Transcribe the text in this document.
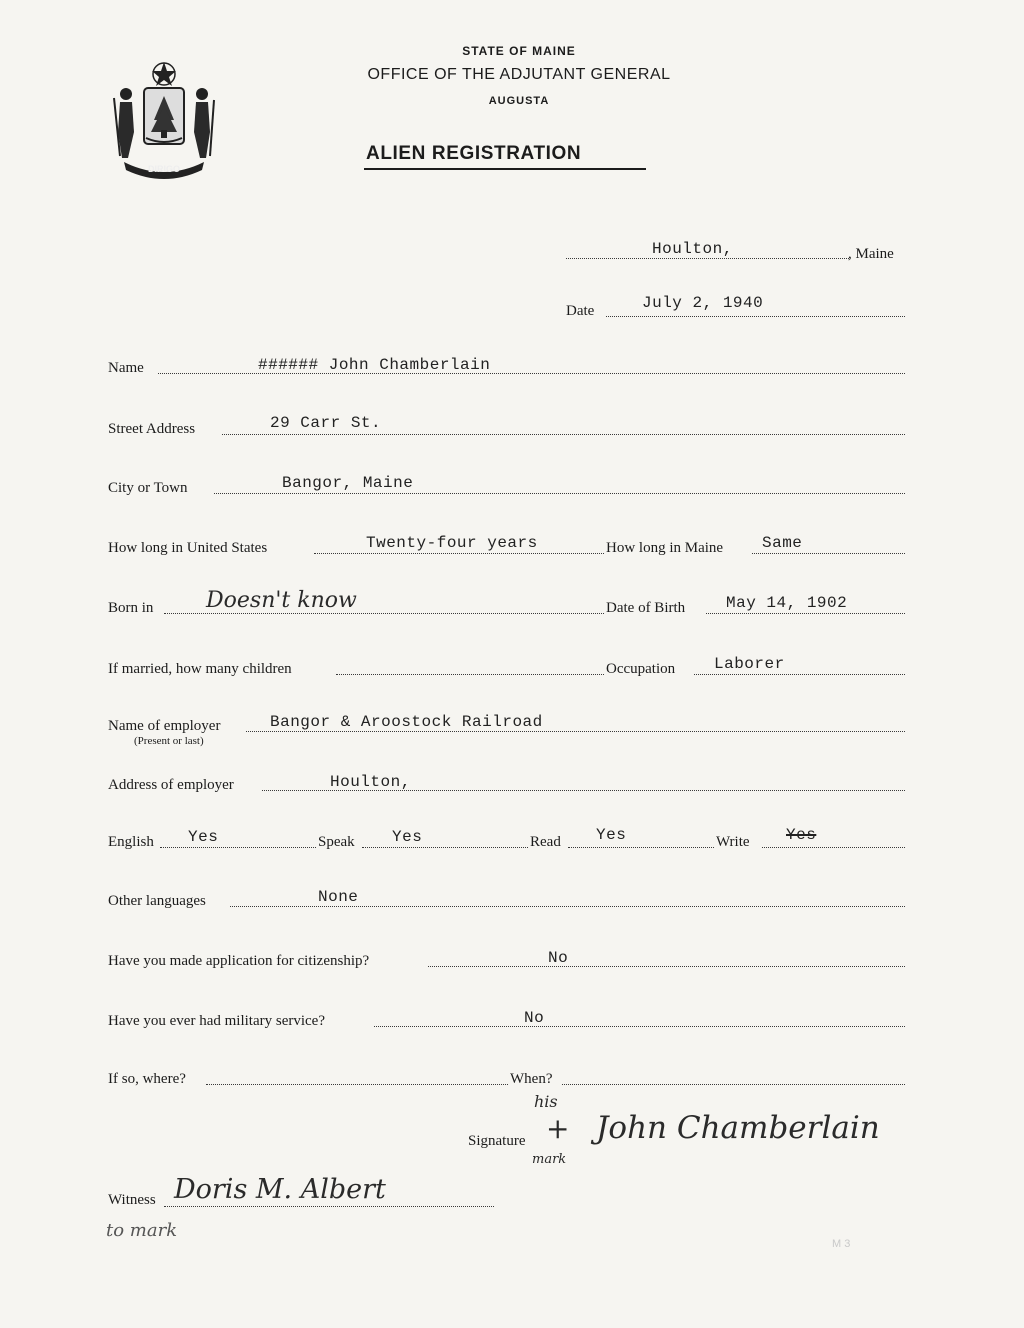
DIRIGO
STATE OF MAINE
OFFICE OF THE ADJUTANT GENERAL
AUGUSTA
ALIEN REGISTRATION
Houlton,	, Maine
Date	July 2, 1940
Name	###### John Chamberlain
Street Address	29 Carr St.
City or Town	Bangor, Maine
How long in United States	Twenty-four years	How long in Maine Same
Born in Doesn't know	Date of Birth	May 14, 1902
If married, how many children	Occupation Laborer
Name of employer
(Present or last)
Bangor & Aroostock Railroad
Address of employer	Houlton,
English Yes	Speak Yes	Read Yes	Write Yes
Other languages	None
Have you made application for citizenship?	No
Have you ever had military service?	No
If so, where?	When?
Signature
his
+
mark
John Chamberlain
Witness Doris M. Albert
to mark
M 3
